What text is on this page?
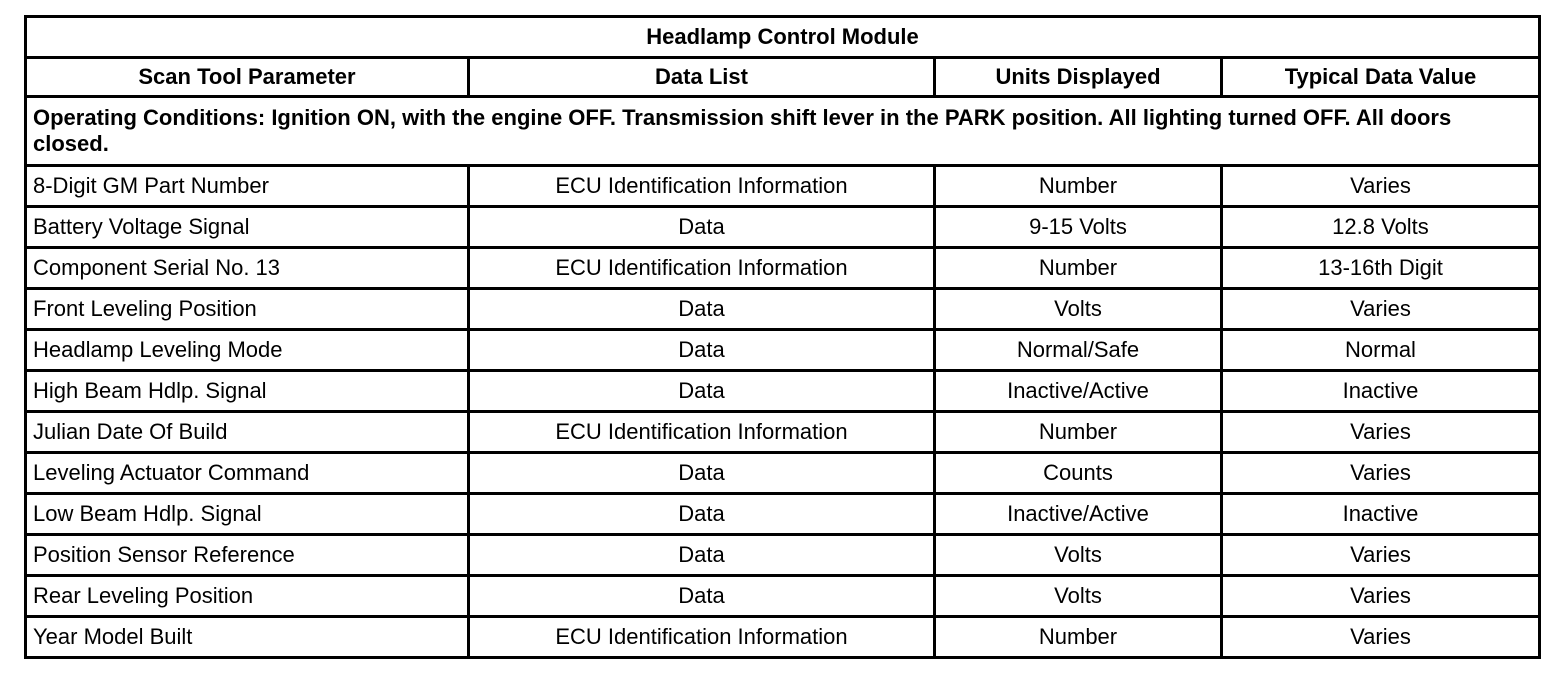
Headlamp Control Module			
Scan Tool Parameter	Data List	Units Displayed	Typical Data Value
Operating Conditions: Ignition ON, with the engine OFF. Transmission shift lever in the PARK position. All lighting turned OFF. All doors closed.			
8-Digit GM Part Number	ECU Identification Information	Number	Varies
Battery Voltage Signal	Data	9-15 Volts	12.8 Volts
Component Serial No. 13	ECU Identification Information	Number	13-16th Digit
Front Leveling Position	Data	Volts	Varies
Headlamp Leveling Mode	Data	Normal/Safe	Normal
High Beam Hdlp. Signal	Data	Inactive/Active	Inactive
Julian Date Of Build	ECU Identification Information	Number	Varies
Leveling Actuator Command	Data	Counts	Varies
Low Beam Hdlp. Signal	Data	Inactive/Active	Inactive
Position Sensor Reference	Data	Volts	Varies
Rear Leveling Position	Data	Volts	Varies
Year Model Built	ECU Identification Information	Number	Varies
